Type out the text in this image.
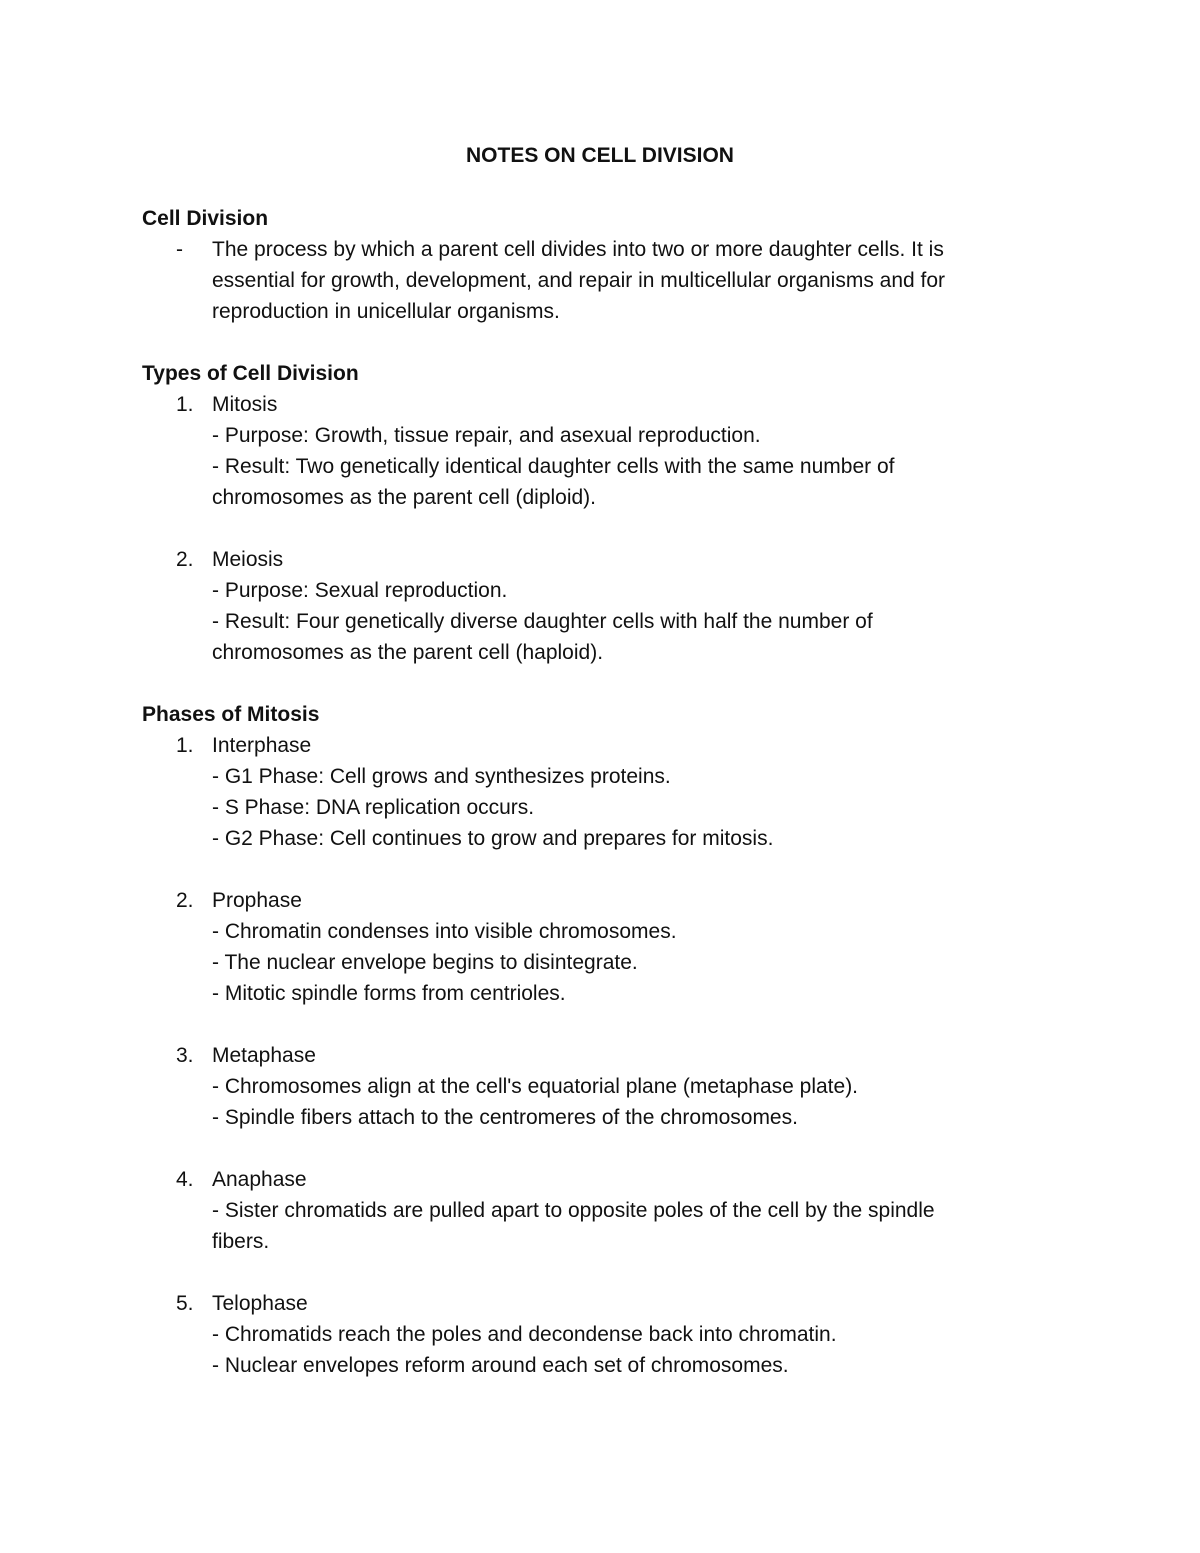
NOTES ON CELL DIVISION

Cell Division

-	The process by which a parent cell divides into two or more daughter cells. It is
essential for growth, development, and repair in multicellular organisms and for
reproduction in unicellular organisms.

Types of Cell Division

1. Mitosis
- Purpose: Growth, tissue repair, and asexual reproduction.
- Result: Two genetically identical daughter cells with the same number of
chromosomes as the parent cell (diploid).
2. Meiosis
- Purpose: Sexual reproduction.
- Result: Four genetically diverse daughter cells with half the number of
chromosomes as the parent cell (haploid).

Phases of Mitosis

1. Interphase
- G1 Phase: Cell grows and synthesizes proteins.
- S Phase: DNA replication occurs.
- G2 Phase: Cell continues to grow and prepares for mitosis.
2. Prophase
- Chromatin condenses into visible chromosomes.
- The nuclear envelope begins to disintegrate.
- Mitotic spindle forms from centrioles.
3. Metaphase
- Chromosomes align at the cell's equatorial plane (metaphase plate).
- Spindle fibers attach to the centromeres of the chromosomes.
4. Anaphase
- Sister chromatids are pulled apart to opposite poles of the cell by the spindle
fibers.
5. Telophase
- Chromatids reach the poles and decondense back into chromatin.
- Nuclear envelopes reform around each set of chromosomes.
